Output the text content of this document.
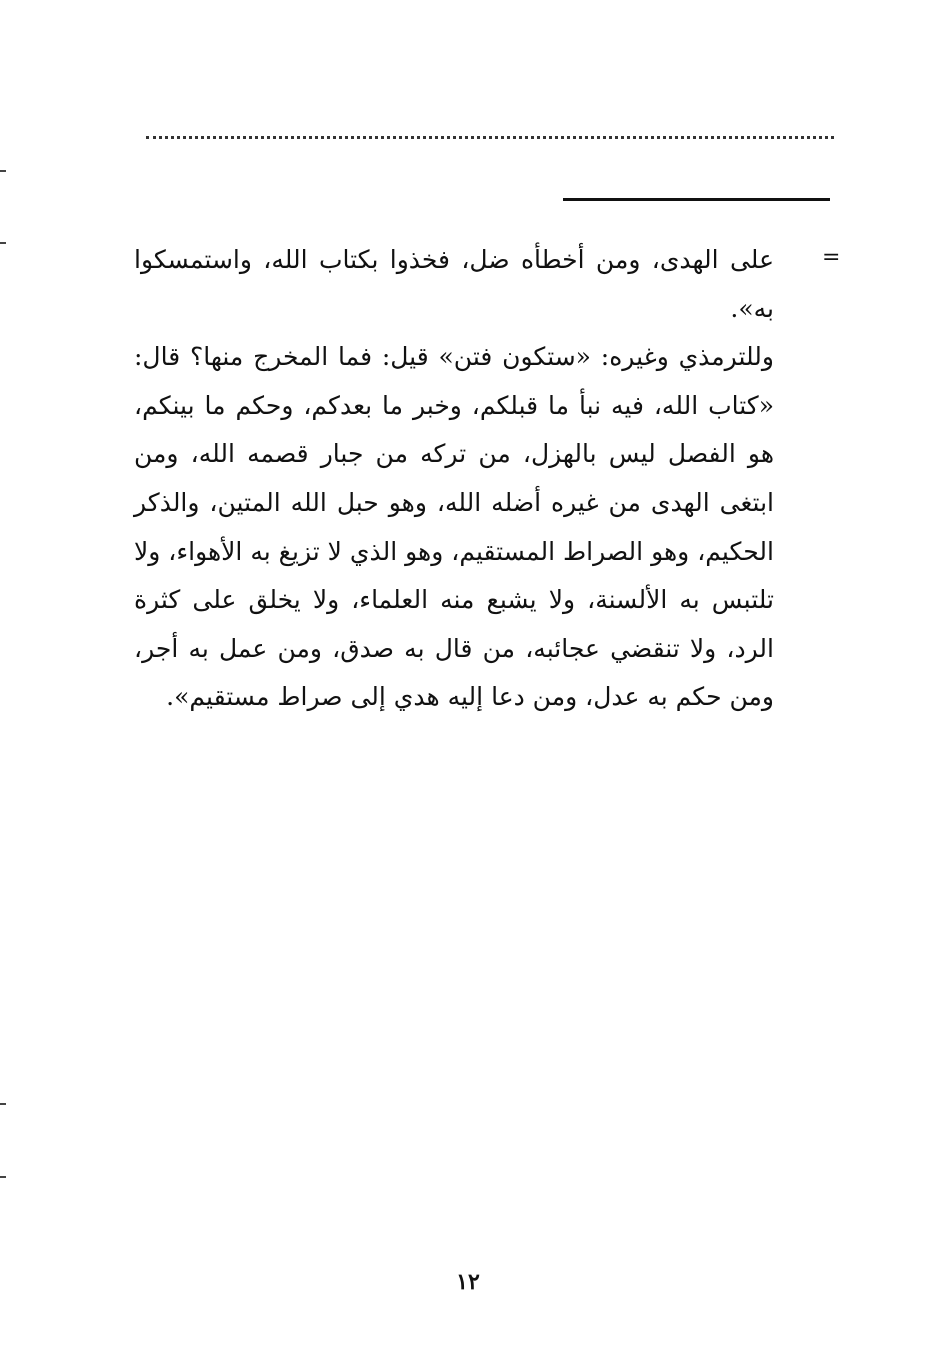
=

على الهدى، ومن أخطأه ضل، فخذوا بكتاب الله، واستمسكوا به».

وللترمذي وغيره: «ستكون فتن» قيل: فما المخرج منها؟ قال: «كتاب الله، فيه نبأ ما قبلكم، وخبر ما بعدكم، وحكم ما بينكم، هو الفصل ليس بالهزل، من تركه من جبار قصمه الله، ومن ابتغى الهدى من غيره أضله الله، وهو حبل الله المتين، والذكر الحكيم، وهو الصراط المستقيم، وهو الذي لا تزيغ به الأهواء، ولا تلتبس به الألسنة، ولا يشبع منه العلماء، ولا يخلق على كثرة الرد، ولا تنقضي عجائبه، من قال به صدق، ومن عمل به أجر، ومن حكم به عدل، ومن دعا إليه هدي إلى صراط مستقيم».

١٢
